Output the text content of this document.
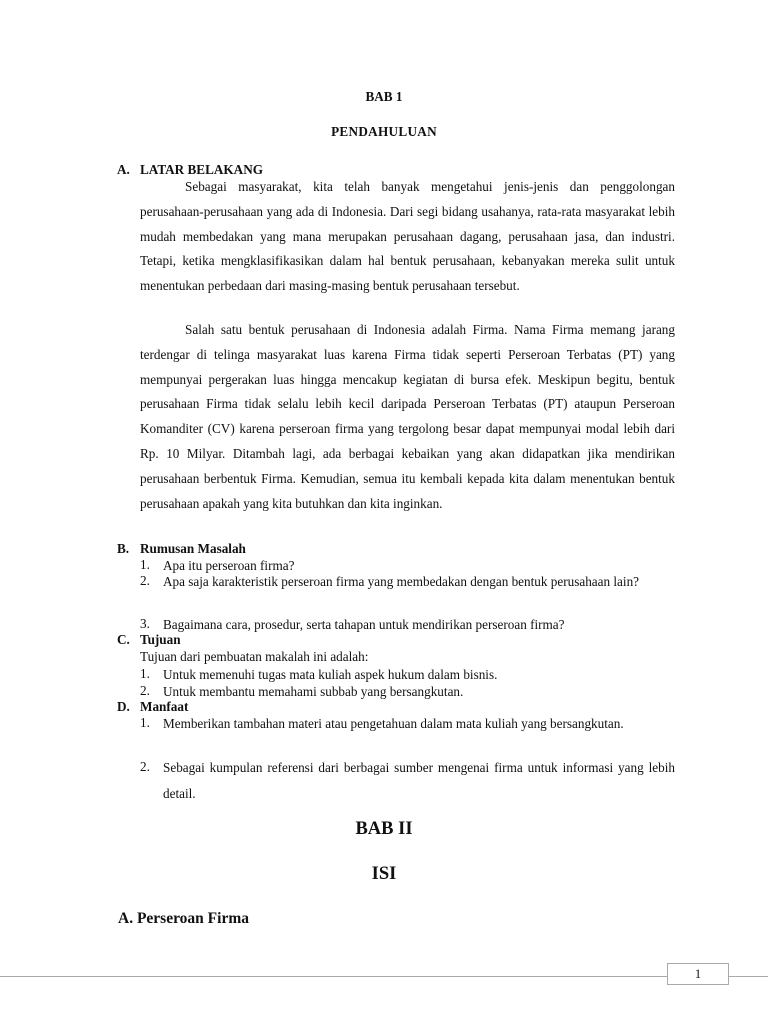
BAB 1
PENDAHULUAN
A. LATAR BELAKANG

Sebagai masyarakat, kita telah banyak mengetahui jenis-jenis dan penggolongan perusahaan-perusahaan yang ada di Indonesia. Dari segi bidang usahanya, rata-rata masyarakat lebih mudah membedakan yang mana merupakan perusahaan dagang, perusahaan jasa, dan industri. Tetapi, ketika mengklasifikasikan dalam hal bentuk perusahaan, kebanyakan mereka sulit untuk menentukan perbedaan dari masing-masing bentuk perusahaan tersebut.

Salah satu bentuk perusahaan di Indonesia adalah Firma. Nama Firma memang jarang terdengar di telinga masyarakat luas karena Firma tidak seperti Perseroan Terbatas (PT) yang mempunyai pergerakan luas hingga mencakup kegiatan di bursa efek. Meskipun begitu, bentuk perusahaan Firma tidak selalu lebih kecil daripada Perseroan Terbatas (PT) ataupun Perseroan Komanditer (CV) karena perseroan firma yang tergolong besar dapat mempunyai modal lebih dari Rp. 10 Milyar. Ditambah lagi, ada berbagai kebaikan yang akan didapatkan jika mendirikan perusahaan berbentuk Firma. Kemudian, semua itu kembali kepada kita dalam menentukan bentuk perusahaan apakah yang kita butuhkan dan kita inginkan.

B. Rumusan Masalah
1. Apa itu perseroan firma?

2. Apa saja karakteristik perseroan firma yang membedakan dengan bentuk perusahaan lain?

3. Bagaimana cara, prosedur, serta tahapan untuk mendirikan perseroan firma?

C. Tujuan
Tujuan dari pembuatan makalah ini adalah:
1. Untuk memenuhi tugas mata kuliah aspek hukum dalam bisnis.

2. Untuk membantu memahami subbab yang bersangkutan.

D. Manfaat
1. Memberikan tambahan materi atau pengetahuan dalam mata kuliah yang bersangkutan.

2. Sebagai kumpulan referensi dari berbagai sumber mengenai firma untuk informasi yang lebih detail.

BAB II
ISI
A. Perseroan Firma
1
